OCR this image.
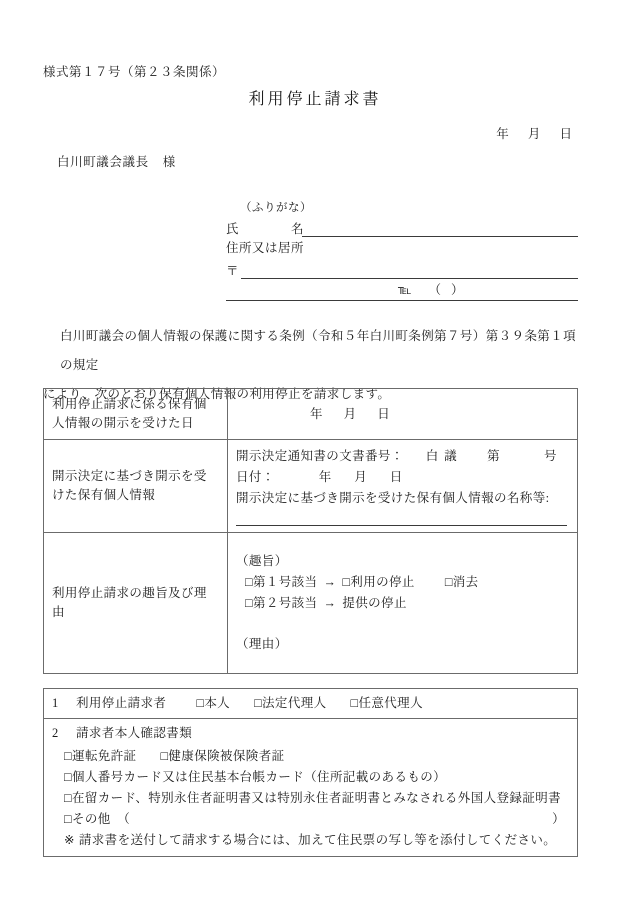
様式第１７号（第２３条関係）
利用停止請求書
年 月 日
白川町議会議長 様
（ふりがな）
氏　　　　名
住所又は居所
〒
℡ （）
白川町議会の個人情報の保護に関する条例（令和５年白川町条例第７号）第３９条第１項の規定
により、次のとおり保有個人情報の利用停止を請求します。
利用停止請求に係る保有個人情報の開示を受けた日	年 月 日

開示決定に基づき開示を受けた保有個人情報	開示決定通知書の文書番号： 白議 第 号
日付： 年 月 日
開示決定に基づき開示を受けた保有個人情報の名称等:

利用停止請求の趣旨及び理由	（趣旨）
□第１号該当 → □利用の停止 □消去
□第２号該当 → 提供の停止
（理由）
1 利用停止請求者 □本人 □法定代理人 □任意代理人

2 請求者本人確認書類
□運転免許証 □健康保険被保険者証
□個人番号カード又は住民基本台帳カード（住所記載のあるもの）
□在留カード、特別永住者証明書又は特別永住者証明書とみなされる外国人登録証明書
□その他　（	）
※ 請求書を送付して請求する場合には、加えて住民票の写し等を添付してください。
